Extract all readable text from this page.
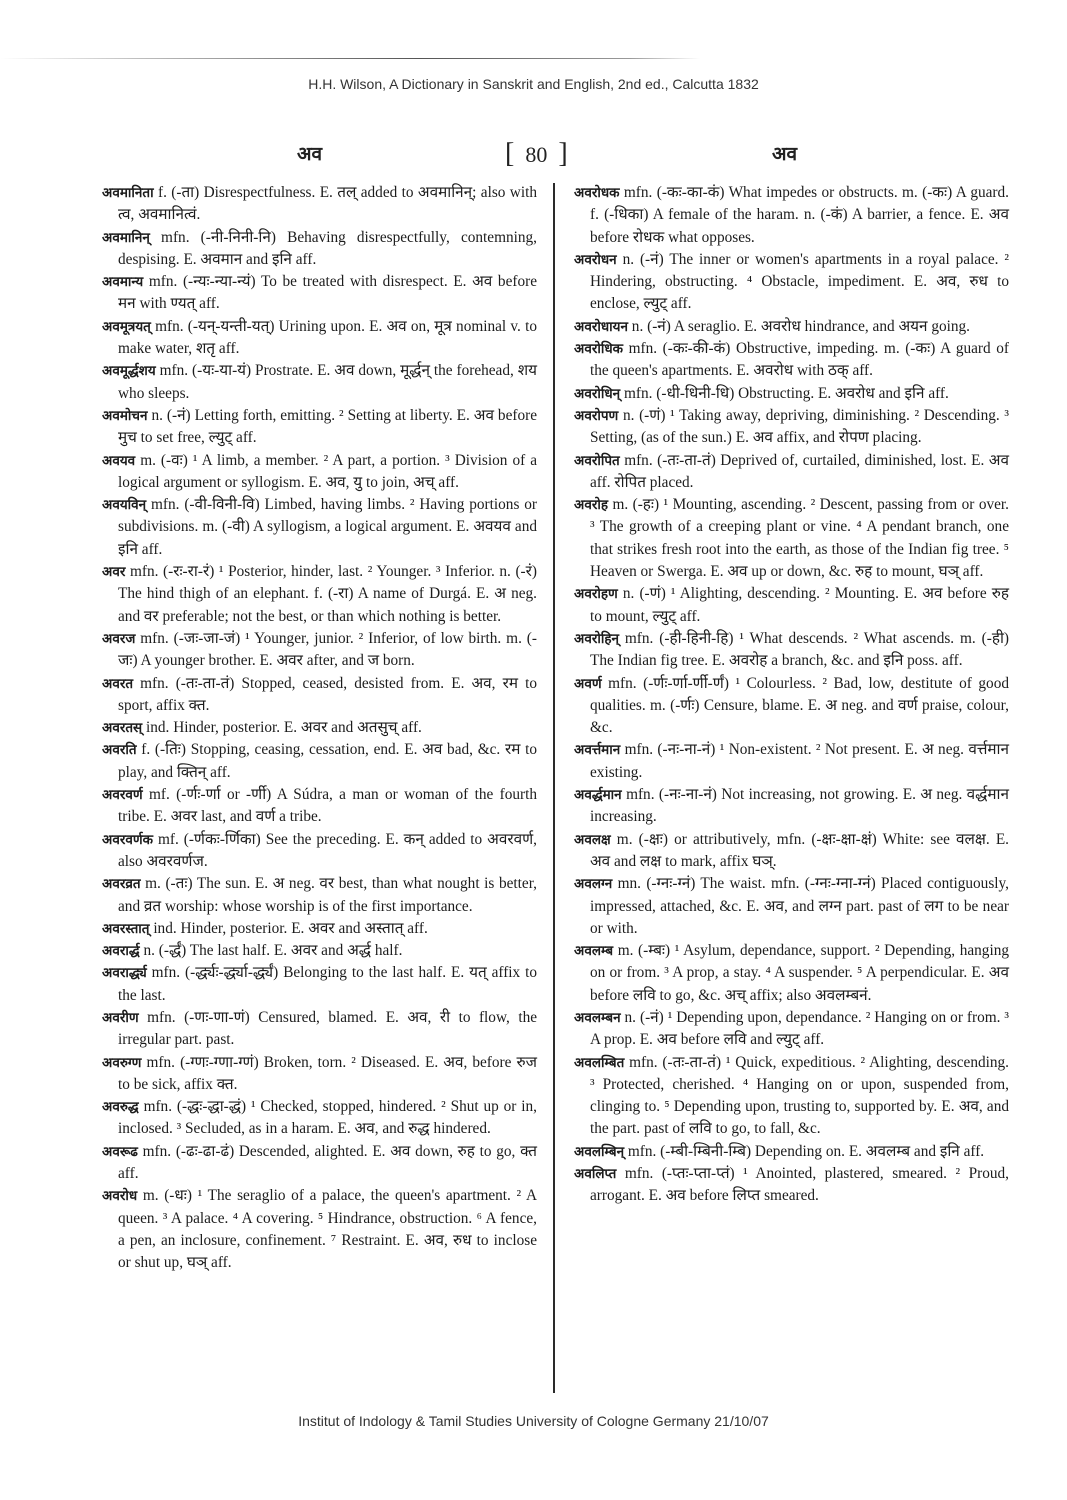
H.H. Wilson, A Dictionary in Sanskrit and English, 2nd ed., Calcutta 1832
अव	[ 80 ]	अव

अवमानिता f. (-ता) Disrespectfulness. E. तल् added to अवमानिन्; also with त्व, अवमानित्वं.

अवमानिन् mfn. (-नी-निनी-नि) Behaving disrespectfully, contemning, despising. E. अवमान and इनि aff.

अवमान्य mfn. (-न्यः-न्या-न्यं) To be treated with disrespect. E. अव before मन with ण्यत् aff.

अवमूत्रयत् mfn. (-यन्-यन्ती-यत्) Urining upon. E. अव on, मूत्र nominal v. to make water, शतृ aff.

अवमूर्द्धशय mfn. (-यः-या-यं) Prostrate. E. अव down, मूर्द्धन् the forehead, शय who sleeps.

अवमोचन n. (-नं) Letting forth, emitting. ² Setting at liberty. E. अव before मुच to set free, ल्युट् aff.

अवयव m. (-वः) ¹ A limb, a member. ² A part, a portion. ³ Division of a logical argument or syllogism. E. अव, यु to join, अच् aff.

अवयविन् mfn. (-वी-विनी-वि) Limbed, having limbs. ² Having portions or subdivisions. m. (-वी) A syllogism, a logical argument. E. अवयव and इनि aff.

अवर mfn. (-रः-रा-रं) ¹ Posterior, hinder, last. ² Younger. ³ Inferior. n. (-रं) The hind thigh of an elephant. f. (-रा) A name of Durgá. E. अ neg. and वर preferable; not the best, or than which nothing is better.

अवरज mfn. (-जः-जा-जं) ¹ Younger, junior. ² Inferior, of low birth. m. (-जः) A younger brother. E. अवर after, and ज born.

अवरत mfn. (-तः-ता-तं) Stopped, ceased, desisted from. E. अव, रम to sport, affix क्त.

अवरतस् ind. Hinder, posterior. E. अवर and अतसुच् aff.

अवरति f. (-तिः) Stopping, ceasing, cessation, end. E. अव bad, &c. रम to play, and क्तिन् aff.

अवरवर्ण mf. (-र्णः-र्णा or -र्णी) A Súdra, a man or woman of the fourth tribe. E. अवर last, and वर्ण a tribe.

अवरवर्णक mf. (-र्णकः-र्णिका) See the preceding. E. कन् added to अवरवर्ण, also अवरवर्णज.

अवरव्रत m. (-तः) The sun. E. अ neg. वर best, than what nought is better, and व्रत worship: whose worship is of the first importance.

अवरस्तात् ind. Hinder, posterior. E. अवर and अस्तात् aff.

अवरार्द्ध n. (-र्द्धं) The last half. E. अवर and अर्द्ध half.

अवरार्द्ध्य mfn. (-र्द्ध्यः-र्द्ध्या-र्द्ध्यं) Belonging to the last half. E. यत् affix to the last.

अवरीण mfn. (-णः-णा-णं) Censured, blamed. E. अव, री to flow, the irregular part. past.

अवरुग्ण mfn. (-ग्णः-ग्णा-ग्णं) Broken, torn. ² Diseased. E. अव, before रुज to be sick, affix क्त.

अवरुद्ध mfn. (-द्धः-द्धा-द्धं) ¹ Checked, stopped, hindered. ² Shut up or in, inclosed. ³ Secluded, as in a haram. E. अव, and रुद्ध hindered.

अवरूढ mfn. (-ढः-ढा-ढं) Descended, alighted. E. अव down, रुह to go, क्त aff.

अवरोध m. (-धः) ¹ The seraglio of a palace, the queen's apartment. ² A queen. ³ A palace. ⁴ A covering. ⁵ Hindrance, obstruction. ⁶ A fence, a pen, an inclosure, confinement. ⁷ Restraint. E. अव, रुध to inclose or shut up, घञ् aff.

अवरोधक mfn. (-कः-का-कं) What impedes or obstructs. m. (-कः) A guard. f. (-धिका) A female of the haram. n. (-कं) A barrier, a fence. E. अव before रोधक what opposes.

अवरोधन n. (-नं) The inner or women's apartments in a royal palace. ² Hindering, obstructing. ⁴ Obstacle, impediment. E. अव, रुध to enclose, ल्युट् aff.

अवरोधायन n. (-नं) A seraglio. E. अवरोध hindrance, and अयन going.

अवरोधिक mfn. (-कः-की-कं) Obstructive, impeding. m. (-कः) A guard of the queen's apartments. E. अवरोध with ठक् aff.

अवरोधिन् mfn. (-धी-धिनी-धि) Obstructing. E. अवरोध and इनि aff.

अवरोपण n. (-णं) ¹ Taking away, depriving, diminishing. ² Descending. ³ Setting, (as of the sun.) E. अव affix, and रोपण placing.

अवरोपित mfn. (-तः-ता-तं) Deprived of, curtailed, diminished, lost. E. अव aff. रोपित placed.

अवरोह m. (-हः) ¹ Mounting, ascending. ² Descent, passing from or over. ³ The growth of a creeping plant or vine. ⁴ A pendant branch, one that strikes fresh root into the earth, as those of the Indian fig tree. ⁵ Heaven or Swerga. E. अव up or down, &c. रुह to mount, घञ् aff.

अवरोहण n. (-णं) ¹ Alighting, descending. ² Mounting. E. अव before रुह to mount, ल्युट् aff.

अवरोहिन् mfn. (-ही-हिनी-हि) ¹ What descends. ² What ascends. m. (-ही) The Indian fig tree. E. अवरोह a branch, &c. and इनि poss. aff.

अवर्ण mfn. (-र्णः-र्णा-र्णी-र्णं) ¹ Colourless. ² Bad, low, destitute of good qualities. m. (-र्णः) Censure, blame. E. अ neg. and वर्ण praise, colour, &c.

अवर्त्तमान mfn. (-नः-ना-नं) ¹ Non-existent. ² Not present. E. अ neg. वर्त्तमान existing.

अवर्द्धमान mfn. (-नः-ना-नं) Not increasing, not growing. E. अ neg. वर्द्धमान increasing.

अवलक्ष m. (-क्षः) or attributively, mfn. (-क्षः-क्षा-क्षं) White: see वलक्ष. E. अव and लक्ष to mark, affix घञ्.

अवलग्न mn. (-ग्नः-ग्नं) The waist. mfn. (-ग्नः-ग्ना-ग्नं) Placed contiguously, impressed, attached, &c. E. अव, and लग्न part. past of लग to be near or with.

अवलम्ब m. (-म्बः) ¹ Asylum, dependance, support. ² Depending, hanging on or from. ³ A prop, a stay. ⁴ A suspender. ⁵ A perpendicular. E. अव before लवि to go, &c. अच् affix; also अवलम्बनं.

अवलम्बन n. (-नं) ¹ Depending upon, dependance. ² Hanging on or from. ³ A prop. E. अव before लवि and ल्युट् aff.

अवलम्बित mfn. (-तः-ता-तं) ¹ Quick, expeditious. ² Alighting, descending. ³ Protected, cherished. ⁴ Hanging on or upon, suspended from, clinging to. ⁵ Depending upon, trusting to, supported by. E. अव, and the part. past of लवि to go, to fall, &c.

अवलम्बिन् mfn. (-म्बी-म्बिनी-म्बि) Depending on. E. अवलम्ब and इनि aff.

अवलिप्त mfn. (-प्तः-प्ता-प्तं) ¹ Anointed, plastered, smeared. ² Proud, arrogant. E. अव before लिप्त smeared.

Institut of Indology & Tamil Studies University of Cologne Germany 21/10/07
